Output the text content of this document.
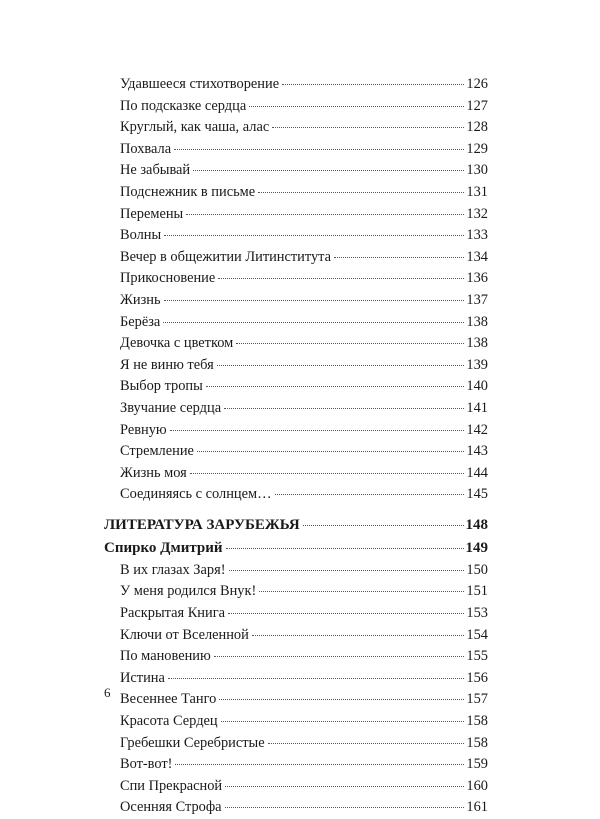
Удавшееся стихотворение	126
По подсказке сердца	127
Круглый, как чаша, алас	128
Похвала	129
Не забывай	130
Подснежник в письме	131
Перемены	132
Волны	133
Вечер в общежитии Литинститута	134
Прикосновение	136
Жизнь	137
Берёза	138
Девочка с цветком	138
Я не виню тебя	139
Выбор тропы	140
Звучание сердца	141
Ревную	142
Стремление	143
Жизнь моя	144
Соединяясь с солнцем…	145
ЛИТЕРАТУРА ЗАРУБЕЖЬЯ	148
Спирко Дмитрий	149
В их глазах Заря!	150
У меня родился Внук!	151
Раскрытая Книга	153
Ключи от Вселенной	154
По мановению	155
Истина	156
Весеннее Танго	157
Красота Сердец	158
Гребешки Серебристые	158
Вот-вот!	159
Спи Прекрасной	160
Осенняя Строфа	161
6
